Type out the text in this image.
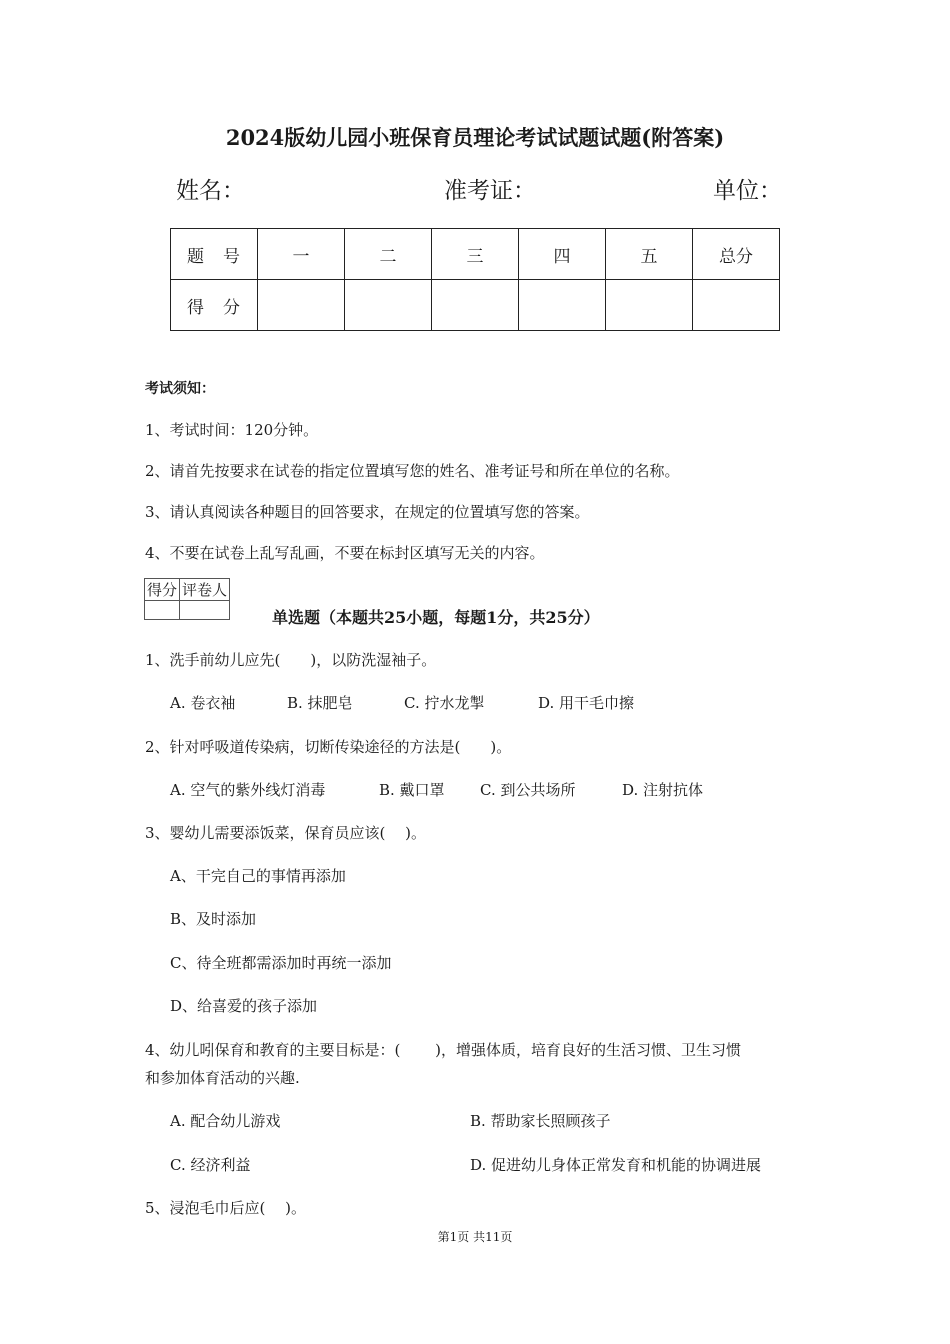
2024版幼儿园小班保育员理论考试试题试题(附答案)
姓名：	准考证：	单位：
题　号	一	二	三	四	五	总分
得　分						
考试须知：
1、考试时间：120分钟。
2、请首先按要求在试卷的指定位置填写您的姓名、准考证号和所在单位的名称。
3、请认真阅读各种题目的回答要求，在规定的位置填写您的答案。
4、不要在试卷上乱写乱画，不要在标封区填写无关的内容。
得分	评卷人

单选题（本题共25小题，每题1分，共25分）
1、洗手前幼儿应先(　　)，以防洗湿袖子。
A. 卷衣袖	B. 抹肥皂	C. 拧水龙掣	D. 用干毛巾擦
2、针对呼吸道传染病，切断传染途径的方法是(　　)。
A. 空气的紫外线灯消毒	B. 戴口罩 C. 到公共场所	D. 注射抗体
3、婴幼儿需要添饭菜，保育员应该(　 )。
A、干完自己的事情再添加
B、及时添加
C、待全班都需添加时再统一添加
D、给喜爱的孩子添加
4、幼儿吲保育和教育的主要目标是：(　　 )，增强体质，培育良好的生活习惯、卫生习惯
和参加体育活动的兴趣.
A. 配合幼儿游戏	B. 帮助家长照顾孩子
C. 经济利益	D. 促进幼儿身体正常发育和机能的协调进展
5、浸泡毛巾后应(　 )。
第1页 共11页
